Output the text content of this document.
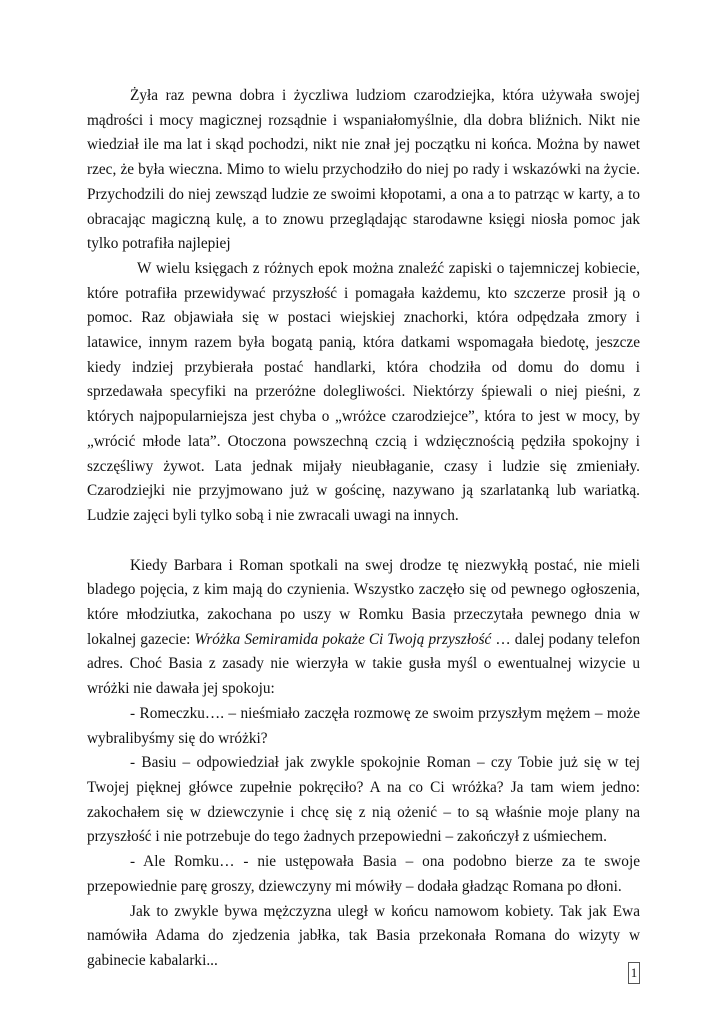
Żyła raz pewna dobra i życzliwa ludziom czarodziejka, która używała swojej mądrości i mocy magicznej rozsądnie i wspaniałomyślnie, dla dobra bliźnich. Nikt nie wiedział ile ma lat i skąd pochodzi, nikt nie znał jej początku ni końca. Można by nawet rzec, że była wieczna. Mimo to wielu przychodziło do niej po rady i wskazówki na życie. Przychodzili do niej zewsząd ludzie ze swoimi kłopotami, a ona a to patrząc w karty, a to obracając magiczną kulę, a to znowu przeglądając starodawne księgi niosła pomoc jak tylko potrafiła najlepiej

W wielu księgach z różnych epok można znaleźć zapiski o tajemniczej kobiecie, które potrafiła przewidywać przyszłość i pomagała każdemu, kto szczerze prosił ją o pomoc. Raz objawiała się w postaci wiejskiej znachorki, która odpędzała zmory i latawice, innym razem była bogatą panią, która datkami wspomagała biedotę, jeszcze kiedy indziej przybierała postać handlarki, która chodziła od domu do domu i sprzedawała specyfiki na przeróżne dolegliwości. Niektórzy śpiewali o niej pieśni, z których najpopularniejsza jest chyba o „wróżce czarodziejce”, która to jest w mocy, by „wrócić młode lata”. Otoczona powszechną czcią i wdzięcznością pędziła spokojny i szczęśliwy żywot. Lata jednak mijały nieubłaganie, czasy i ludzie się zmieniały. Czarodziejki nie przyjmowano już w gościnę, nazywano ją szarlatanką lub wariatką. Ludzie zajęci byli tylko sobą i nie zwracali uwagi na innych.

Kiedy Barbara i Roman spotkali na swej drodze tę niezwykłą postać, nie mieli bladego pojęcia, z kim mają do czynienia. Wszystko zaczęło się od pewnego ogłoszenia, które młodziutka, zakochana po uszy w Romku Basia przeczytała pewnego dnia w lokalnej gazecie: Wróżka Semiramida pokaże Ci Twoją przyszłość … dalej podany telefon adres. Choć Basia z zasady nie wierzyła w takie gusła myśl o ewentualnej wizycie u wróżki nie dawała jej spokoju:

- Romeczku…. – nieśmiało zaczęła rozmowę ze swoim przyszłym mężem – może wybralibyśmy się do wróżki?

- Basiu – odpowiedział jak zwykle spokojnie Roman – czy Tobie już się w tej Twojej pięknej główce zupełnie pokręciło? A na co Ci wróżka? Ja tam wiem jedno: zakochałem się w dziewczynie i chcę się z nią ożenić – to są właśnie moje plany na przyszłość i nie potrzebuje do tego żadnych przepowiedni – zakończył z uśmiechem.

- Ale Romku… - nie ustępowała Basia – ona podobno bierze za te swoje przepowiednie parę groszy, dziewczyny mi mówiły – dodała gładząc Romana po dłoni.

Jak to zwykle bywa mężczyzna uległ w końcu namowom kobiety. Tak jak Ewa namówiła Adama do zjedzenia jabłka, tak Basia przekonała Romana do wizyty w gabinecie kabalarki...

1
